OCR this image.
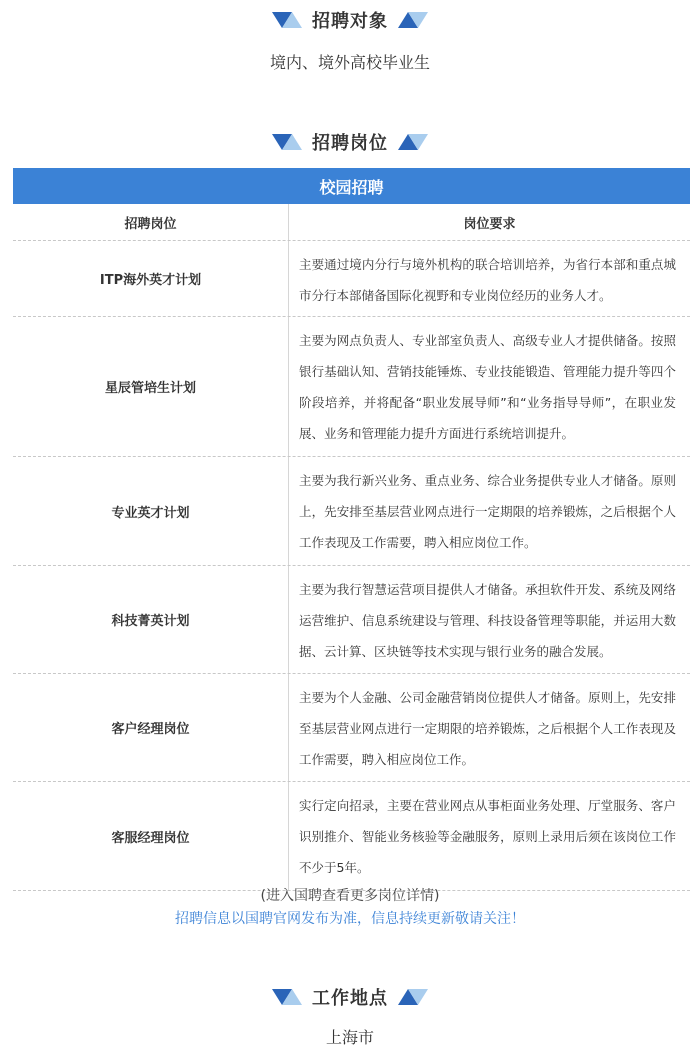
招聘对象
境内、境外高校毕业生
招聘岗位
校园招聘
招聘岗位	岗位要求
ITP海外英才计划
主要通过境内分行与境外机构的联合培训培养，为省行本部和重点城市分行本部储备国际化视野和专业岗位经历的业务人才。
星辰管培生计划
主要为网点负责人、专业部室负责人、高级专业人才提供储备。按照银行基础认知、营销技能锤炼、专业技能锻造、管理能力提升等四个阶段培养，并将配备“职业发展导师”和“业务指导导师”，在职业发展、业务和管理能力提升方面进行系统培训提升。
专业英才计划
主要为我行新兴业务、重点业务、综合业务提供专业人才储备。原则上，先安排至基层营业网点进行一定期限的培养锻炼，之后根据个人工作表现及工作需要，聘入相应岗位工作。
科技菁英计划
主要为我行智慧运营项目提供人才储备。承担软件开发、系统及网络运营维护、信息系统建设与管理、科技设备管理等职能，并运用大数据、云计算、区块链等技术实现与银行业务的融合发展。
客户经理岗位
主要为个人金融、公司金融营销岗位提供人才储备。原则上，先安排至基层营业网点进行一定期限的培养锻炼，之后根据个人工作表现及工作需要，聘入相应岗位工作。
客服经理岗位
实行定向招录，主要在营业网点从事柜面业务处理、厅堂服务、客户识别推介、智能业务核验等金融服务，原则上录用后须在该岗位工作不少于5年。
(进入国聘查看更多岗位详情)
招聘信息以国聘官网发布为准，信息持续更新敬请关注！
工作地点
上海市
